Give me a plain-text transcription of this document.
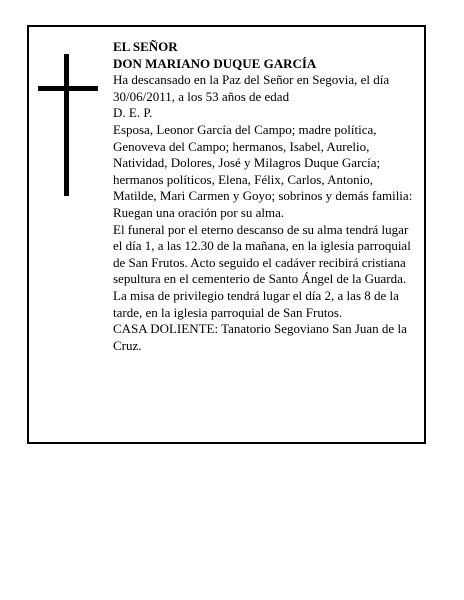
EL SEÑOR

DON MARIANO DUQUE GARCÍA

Ha descansado en la Paz del Señor en Segovia, el día 30/06/2011, a los 53 años de edad

D. E. P.

Esposa, Leonor García del Campo; madre política, Genoveva del Campo; hermanos, Isabel, Aurelio, Natividad, Dolores, José y Milagros Duque García; hermanos políticos, Elena, Félix, Carlos, Antonio, Matilde, Mari Carmen y Goyo; sobrinos y demás familia:

Ruegan una oración por su alma.

El funeral por el eterno descanso de su alma tendrá lugar el día 1, a las 12.30 de la mañana, en la iglesia parroquial de San Frutos. Acto seguido el cadáver recibirá cristiana sepultura en el cementerio de Santo Ángel de la Guarda. La misa de privilegio tendrá lugar el día 2, a las 8 de la tarde, en la iglesia parroquial de San Frutos.

CASA DOLIENTE: Tanatorio Segoviano San Juan de la Cruz.
